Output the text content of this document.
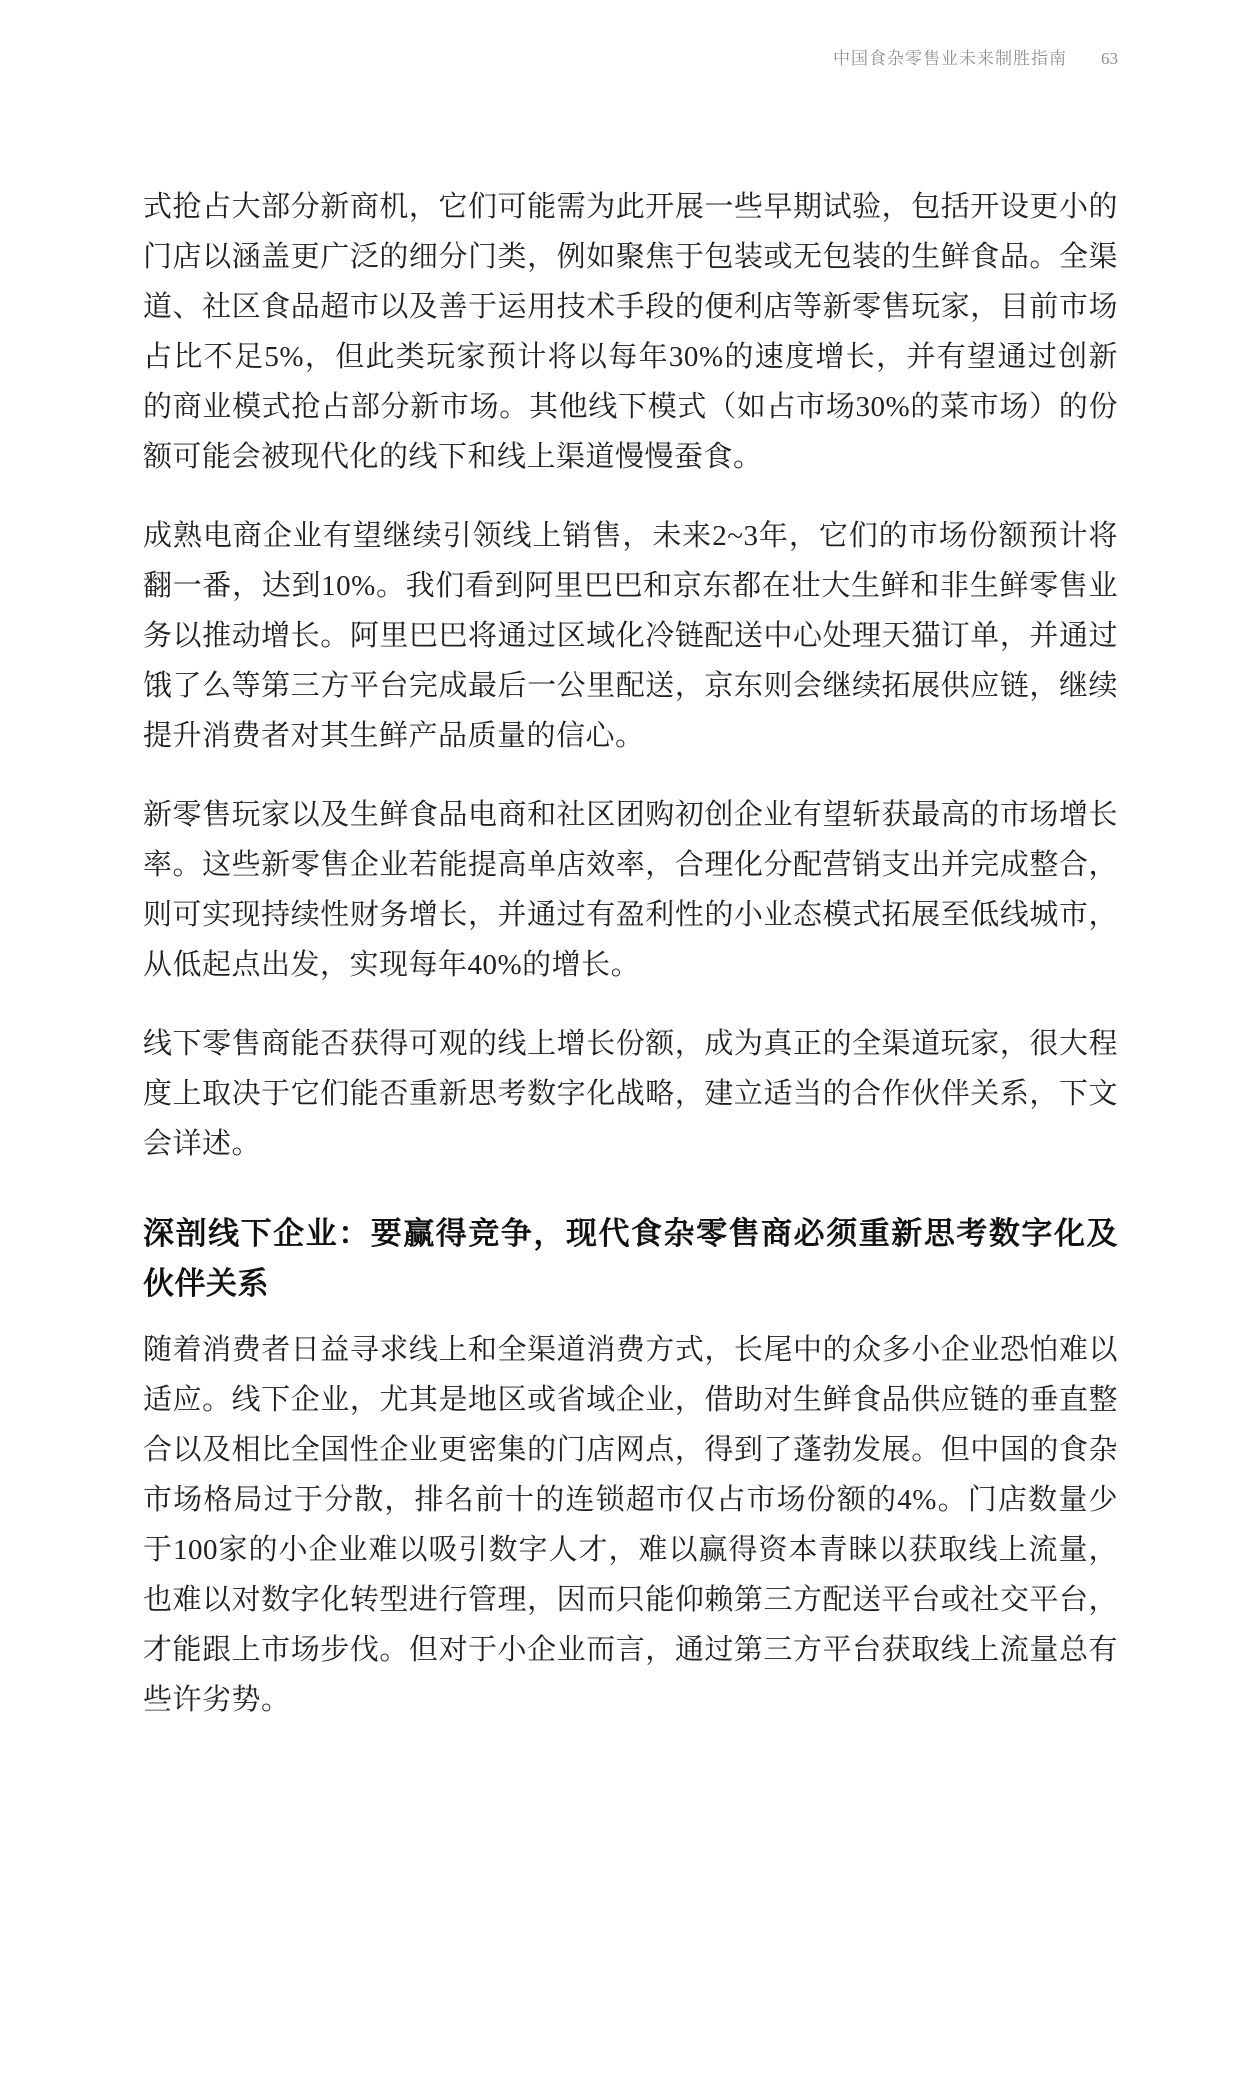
中国食杂零售业未来制胜指南 63

式抢占大部分新商机，它们可能需为此开展一些早期试验，包括开设更小的门店以涵盖更广泛的细分门类，例如聚焦于包装或无包装的生鲜食品。全渠道、社区食品超市以及善于运用技术手段的便利店等新零售玩家，目前市场占比不足5%，但此类玩家预计将以每年30%的速度增长，并有望通过创新的商业模式抢占部分新市场。其他线下模式（如占市场30%的菜市场）的份额可能会被现代化的线下和线上渠道慢慢蚕食。

成熟电商企业有望继续引领线上销售，未来2~3年，它们的市场份额预计将翻一番，达到10%。我们看到阿里巴巴和京东都在壮大生鲜和非生鲜零售业务以推动增长。阿里巴巴将通过区域化冷链配送中心处理天猫订单，并通过饿了么等第三方平台完成最后一公里配送，京东则会继续拓展供应链，继续提升消费者对其生鲜产品质量的信心。

新零售玩家以及生鲜食品电商和社区团购初创企业有望斩获最高的市场增长率。这些新零售企业若能提高单店效率，合理化分配营销支出并完成整合，则可实现持续性财务增长，并通过有盈利性的小业态模式拓展至低线城市，从低起点出发，实现每年40%的增长。

线下零售商能否获得可观的线上增长份额，成为真正的全渠道玩家，很大程度上取决于它们能否重新思考数字化战略，建立适当的合作伙伴关系，下文会详述。

深剖线下企业：要赢得竞争，现代食杂零售商必须重新思考数字化及伙伴关系

随着消费者日益寻求线上和全渠道消费方式，长尾中的众多小企业恐怕难以适应。线下企业，尤其是地区或省域企业，借助对生鲜食品供应链的垂直整合以及相比全国性企业更密集的门店网点，得到了蓬勃发展。但中国的食杂市场格局过于分散，排名前十的连锁超市仅占市场份额的4%。门店数量少于100家的小企业难以吸引数字人才，难以赢得资本青睐以获取线上流量，也难以对数字化转型进行管理，因而只能仰赖第三方配送平台或社交平台，才能跟上市场步伐。但对于小企业而言，通过第三方平台获取线上流量总有些许劣势。
